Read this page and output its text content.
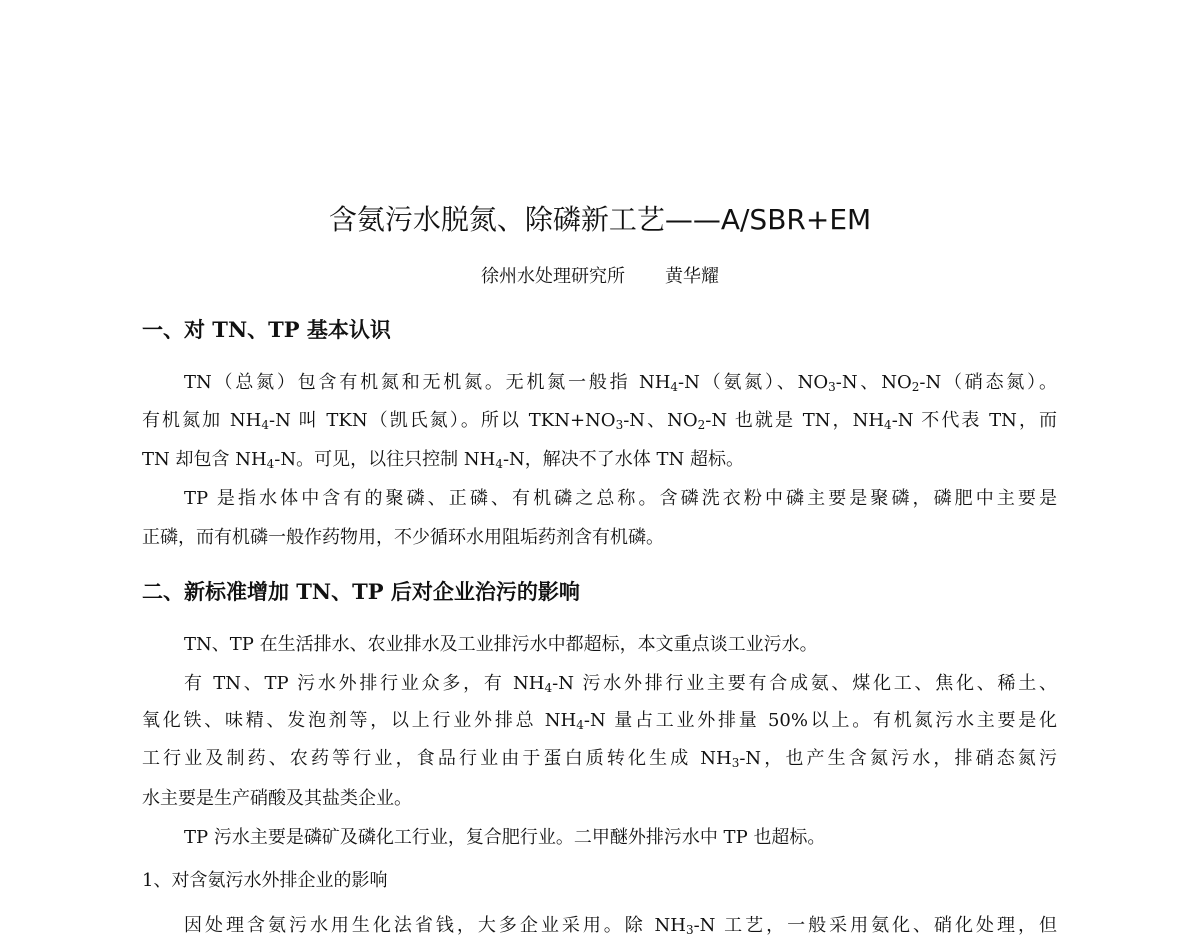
含氨污水脱氮、除磷新工艺——A/SBR+EM
徐州水处理研究所 黄华耀
一、对 TN、TP 基本认识
TN（总氮）包含有机氮和无机氮。无机氮一般指 $NH_4-N$（氨氮）、$NO_3-N$、$NO_2-N$（硝态氮）。
有机氮加 $NH_4-N$ 叫 TKN（凯氏氮）。所以 $TKN+NO_3-N$、$NO_2-N$ 也就是 TN，$NH_4-N$ 不代表 TN，而
TN 却包含 $NH_4-N$。可见，以往只控制 $NH_4-N$，解决不了水体 TN 超标。
TP 是指水体中含有的聚磷、正磷、有机磷之总称。含磷洗衣粉中磷主要是聚磷，磷肥中主要是
正磷，而有机磷一般作药物用，不少循环水用阻垢药剂含有机磷。
二、新标准增加 TN、TP 后对企业治污的影响
TN、TP 在生活排水、农业排水及工业排污水中都超标，本文重点谈工业污水。
有 TN、TP 污水外排行业众多，有 $NH_4-N$ 污水外排行业主要有合成氨、煤化工、焦化、稀土、
氧化铁、味精、发泡剂等，以上行业外排总 $NH_4-N$ 量占工业外排量 50%以上。有机氮污水主要是化
工行业及制药、农药等行业，食品行业由于蛋白质转化生成 $NH_3-N$，也产生含氮污水，排硝态氮污
水主要是生产硝酸及其盐类企业。
TP 污水主要是磷矿及磷化工行业，复合肥行业。二甲醚外排污水中 TP 也超标。
1、对含氨污水外排企业的影响
因处理含氨污水用生化法省钱，大多企业采用。除 $NH_3-N$ 工艺，一般采用氨化、硝化处理，但
